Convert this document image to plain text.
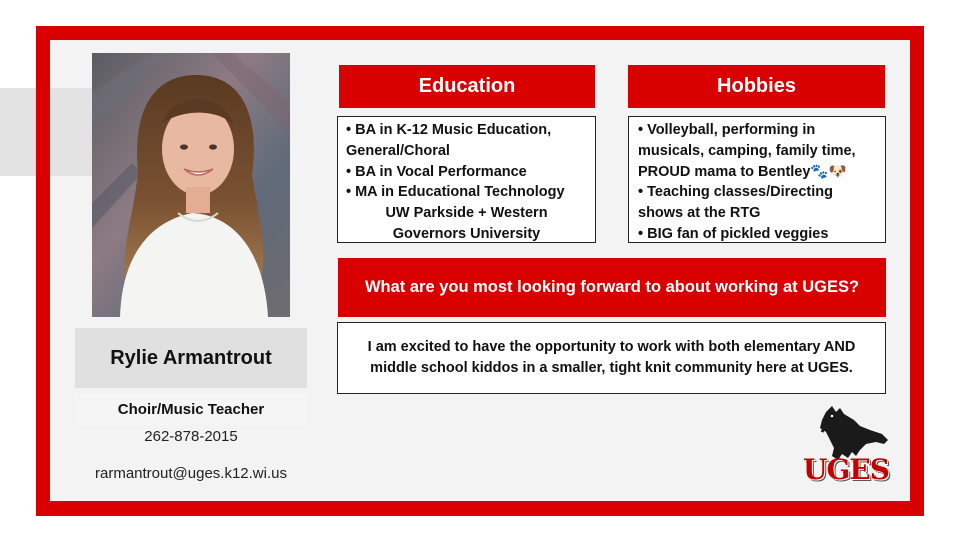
Rylie Armantrout
Choir/Music Teacher
262-878-2015
rarmantrout@uges.k12.wi.us
Education
• BA in K-12 Music Education, General/Choral
• BA in Vocal Performance
• MA in Educational Technology
UW Parkside + Western
Governors University
Hobbies
• Volleyball, performing in musicals, camping, family time, PROUD mama to Bentley🐾🐶
• Teaching classes/Directing shows at the RTG
• BIG fan of pickled veggies
What are you most looking forward to about working at UGES?
I am excited to have the opportunity to work with both elementary AND middle school kiddos in a smaller, tight knit community here at UGES.
UGES
